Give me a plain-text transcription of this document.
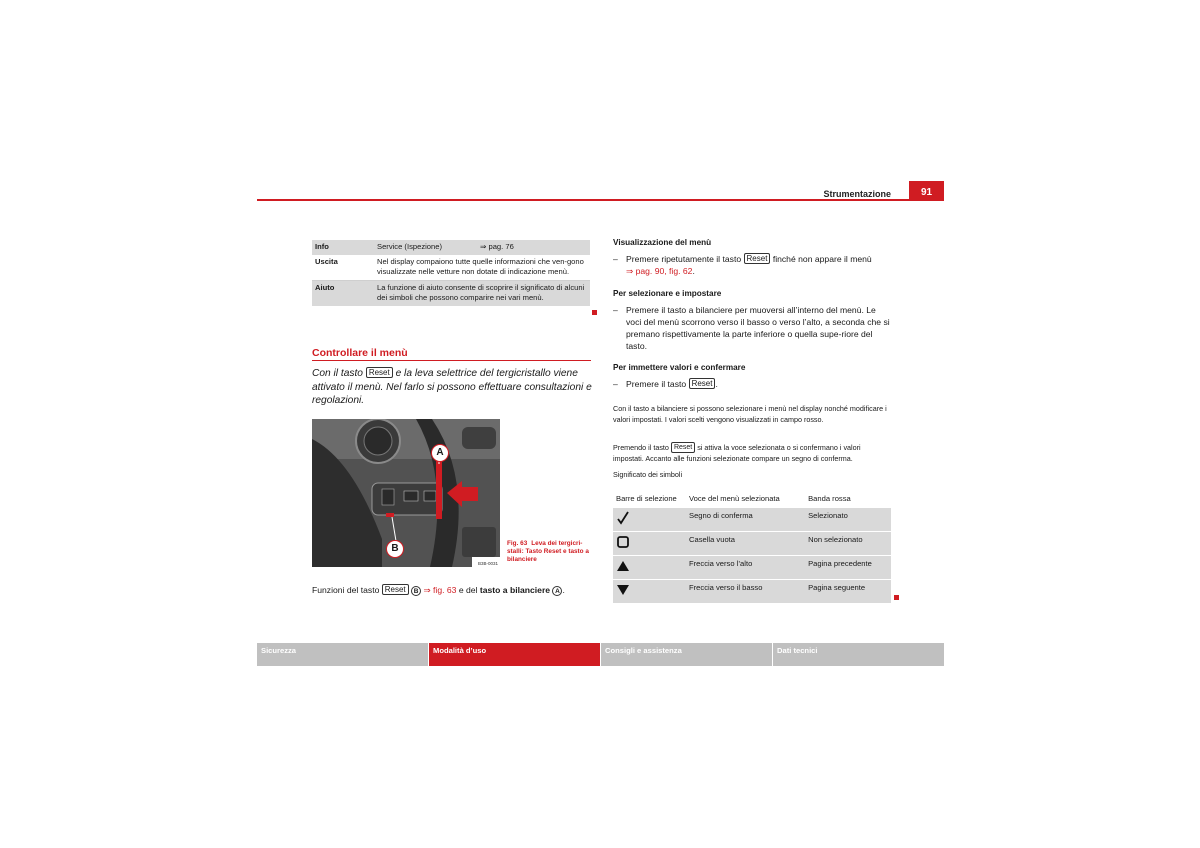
Strumentazione	91
Info	Service (Ispezione) ⇒ pag. 76
Uscita	Nel display compaiono tutte quelle informazioni che ven-gono visualizzate nelle vetture non dotate di indicazione menù.
Aiuto	La funzione di aiuto consente di scoprire il significato di alcuni dei simboli che possono comparire nei vari menù.
Controllare il menù
Con il tasto Reset e la leva selettrice del tergicristallo viene attivato il menù. Nel farlo si possono effettuare consultazioni e regolazioni.
A
B
B3B-0031
Fig. 63 Leva dei tergicri-stalli: Tasto Reset e tasto a bilanciere
Funzioni del tasto Reset B ⇒ fig. 63 e del tasto a bilanciere A .
Visualizzazione del menù
– Premere ripetutamente il tasto Reset finché non appare il menù
⇒ pag. 90, fig. 62.
Per selezionare e impostare
– Premere il tasto a bilanciere per muoversi all’interno del menù. Le voci del menù scorrono verso il basso o verso l’alto, a seconda che si premano rispettivamente la parte inferiore o quella supe-riore del tasto.
Per immettere valori e confermare
– Premere il tasto Reset .
Con il tasto a bilanciere si possono selezionare i menù nel display nonché modificare i valori impostati. I valori scelti vengono visualizzati in campo rosso.
Premendo il tasto Reset si attiva la voce selezionata o si confermano i valori impostati. Accanto alle funzioni selezionate compare un segno di conferma.
Significato dei simboli
Barre di selezione	Voce del menù selezionata	Banda rossa
	Segno di conferma	Selezionato
	Casella vuota	Non selezionato
	Freccia verso l’alto	Pagina precedente
	Freccia verso il basso	Pagina seguente
Sicurezza	Modalità d’uso	Consigli e assistenza	Dati tecnici
